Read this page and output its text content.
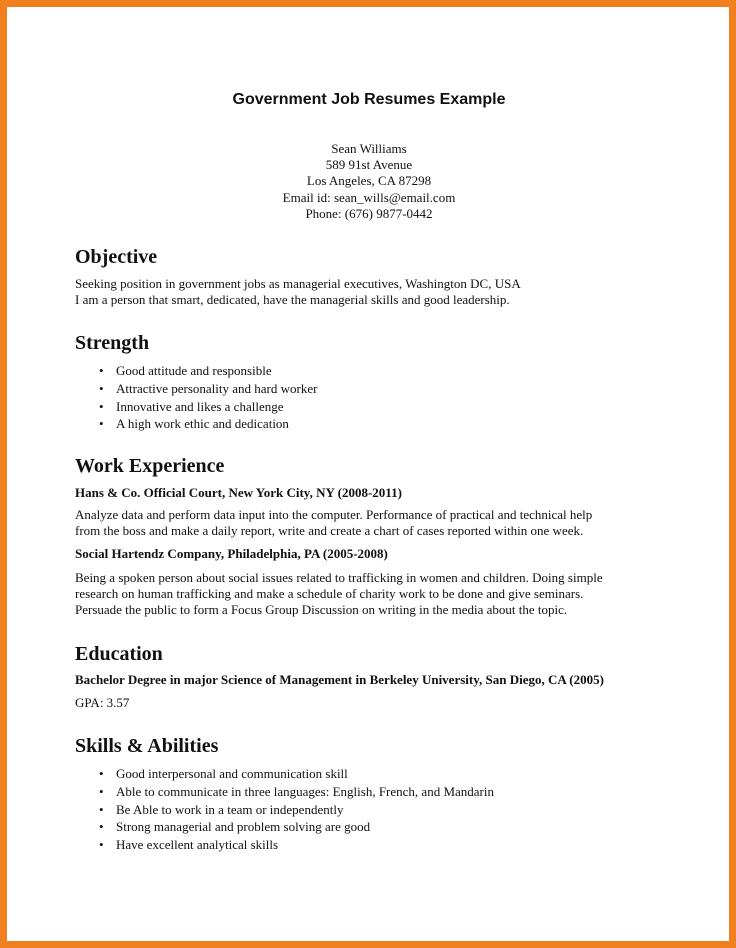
Government Job Resumes Example
Sean Williams
589 91st Avenue
Los Angeles, CA 87298
Email id: sean_wills@email.com
Phone: (676) 9877-0442
Objective
Seeking position in government jobs as managerial executives, Washington DC, USA
I am a person that smart, dedicated, have the managerial skills and good leadership.
Strength
• Good attitude and responsible
• Attractive personality and hard worker
• Innovative and likes a challenge
• A high work ethic and dedication
Work Experience
Hans & Co. Official Court, New York City, NY (2008-2011)
Analyze data and perform data input into the computer. Performance of practical and technical help
from the boss and make a daily report, write and create a chart of cases reported within one week.
Social Hartendz Company, Philadelphia, PA (2005-2008)
Being a spoken person about social issues related to trafficking in women and children. Doing simple
research on human trafficking and make a schedule of charity work to be done and give seminars.
Persuade the public to form a Focus Group Discussion on writing in the media about the topic.
Education
Bachelor Degree in major Science of Management in Berkeley University, San Diego, CA (2005)
GPA: 3.57
Skills & Abilities
• Good interpersonal and communication skill
• Able to communicate in three languages: English, French, and Mandarin
• Be Able to work in a team or independently
• Strong managerial and problem solving are good
• Have excellent analytical skills
